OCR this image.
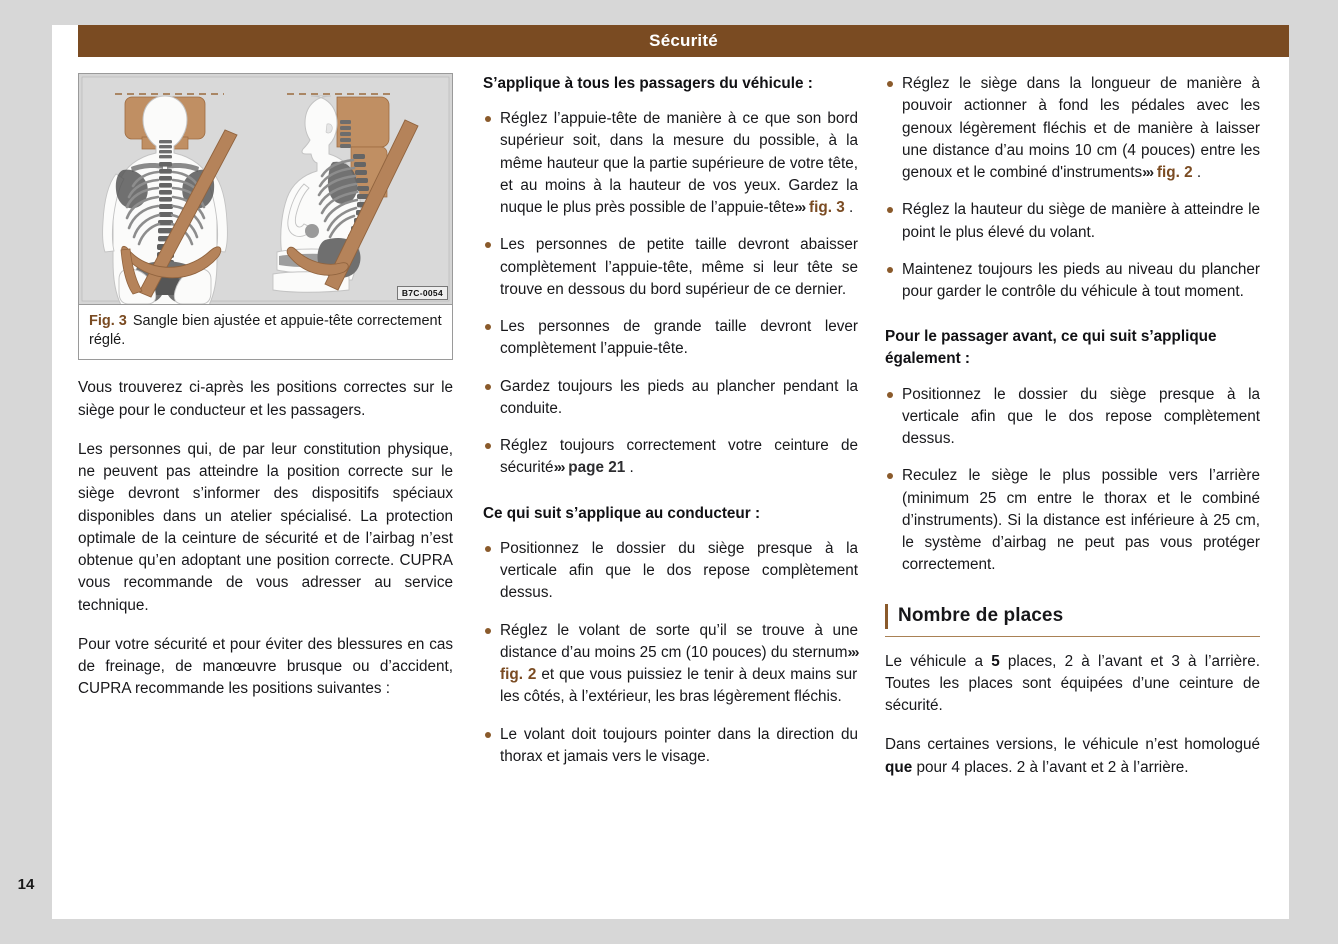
Sécurité
B7C-0054
Fig. 3 Sangle bien ajustée et appuie-tête correctement réglé.

Vous trouverez ci-après les positions correctes sur le siège pour le conducteur et les passagers.

Les personnes qui, de par leur constitution physique, ne peuvent pas atteindre la position correcte sur le siège devront s’informer des dispositifs spéciaux disponibles dans un atelier spécialisé. La protection optimale de la ceinture de sécurité et de l’airbag n’est obtenue qu’en adoptant une position correcte. CUPRA vous recommande de vous adresser au service technique.

Pour votre sécurité et pour éviter des blessures en cas de freinage, de manœuvre brusque ou d’accident, CUPRA recommande les positions suivantes :

S’applique à tous les passagers du véhicule :
Réglez l’appuie-tête de manière à ce que son bord supérieur soit, dans la mesure du possible, à la même hauteur que la partie supérieure de votre tête, et au moins à la hauteur de vos yeux. Gardez la nuque le plus près possible de l’appuie-tête››› fig. 3 .
Les personnes de petite taille devront abaisser complètement l’appuie-tête, même si leur tête se trouve en dessous du bord supérieur de ce dernier.
Les personnes de grande taille devront lever complètement l’appuie-tête.
Gardez toujours les pieds au plancher pendant la conduite.
Réglez toujours correctement votre ceinture de sécurité››› page 21 .
Ce qui suit s’applique au conducteur :
Positionnez le dossier du siège presque à la verticale afin que le dos repose complètement dessus.
Réglez le volant de sorte qu’il se trouve à une distance d’au moins 25 cm (10 pouces) du sternum››› fig. 2 et que vous puissiez le tenir à deux mains sur les côtés, à l’extérieur, les bras légèrement fléchis.
Le volant doit toujours pointer dans la direction du thorax et jamais vers le visage.
Réglez le siège dans la longueur de manière à pouvoir actionner à fond les pédales avec les genoux légèrement fléchis et de manière à laisser une distance d’au moins 10 cm (4 pouces) entre les genoux et le combiné d'instruments››› fig. 2 .
Réglez la hauteur du siège de manière à atteindre le point le plus élevé du volant.
Maintenez toujours les pieds au niveau du plancher pour garder le contrôle du véhicule à tout moment.
Pour le passager avant, ce qui suit s’applique également :
Positionnez le dossier du siège presque à la verticale afin que le dos repose complètement dessus.
Reculez le siège le plus possible vers l’arrière (minimum 25 cm entre le thorax et le combiné d’instruments). Si la distance est inférieure à 25 cm, le système d’airbag ne peut pas vous protéger correctement.
Nombre de places

Le véhicule a 5 places, 2 à l’avant et 3 à l’arrière. Toutes les places sont équipées d’une ceinture de sécurité.

Dans certaines versions, le véhicule n’est homologué que pour 4 places. 2 à l’avant et 2 à l’arrière.

14
